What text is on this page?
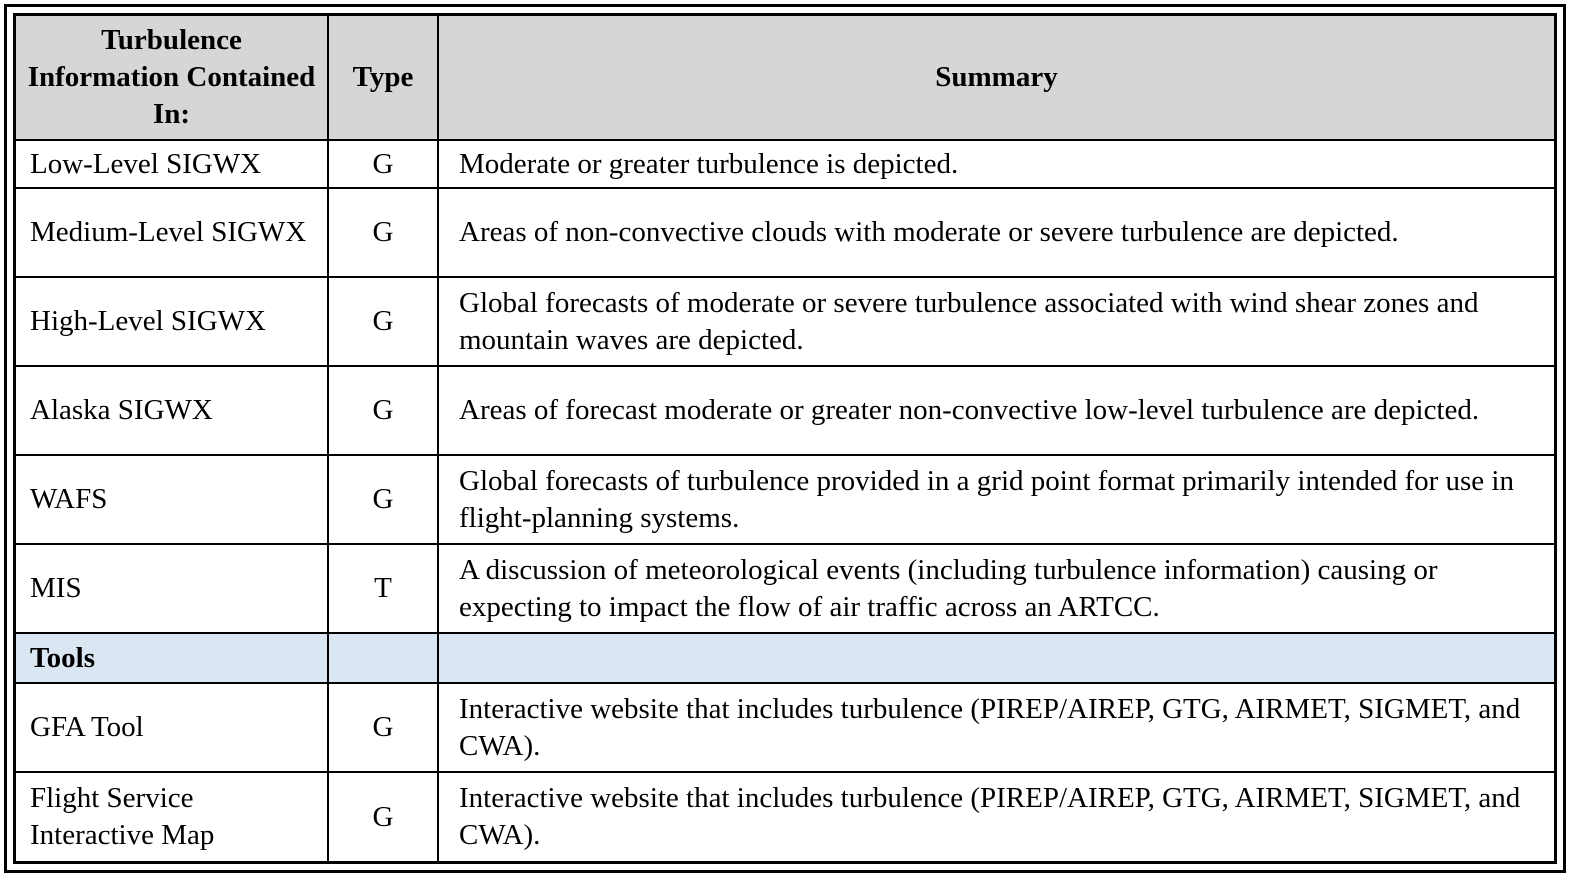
Turbulence Information Contained In:	Type	Summary
Low-Level SIGWX	G	Moderate or greater turbulence is depicted.
Medium-Level SIGWX	G	Areas of non-convective clouds with moderate or severe turbulence are depicted.
High-Level SIGWX	G	Global forecasts of moderate or severe turbulence associated with wind shear zones and mountain waves are depicted.
Alaska SIGWX	G	Areas of forecast moderate or greater non-convective low-level turbulence are depicted.
WAFS	G	Global forecasts of turbulence provided in a grid point format primarily intended for use in flight-planning systems.
MIS	T	A discussion of meteorological events (including turbulence information) causing or expecting to impact the flow of air traffic across an ARTCC.
Tools		
GFA Tool	G	Interactive website that includes turbulence (PIREP/AIREP, GTG, AIRMET, SIGMET, and CWA).
Flight Service Interactive Map	G	Interactive website that includes turbulence (PIREP/AIREP, GTG, AIRMET, SIGMET, and CWA).
